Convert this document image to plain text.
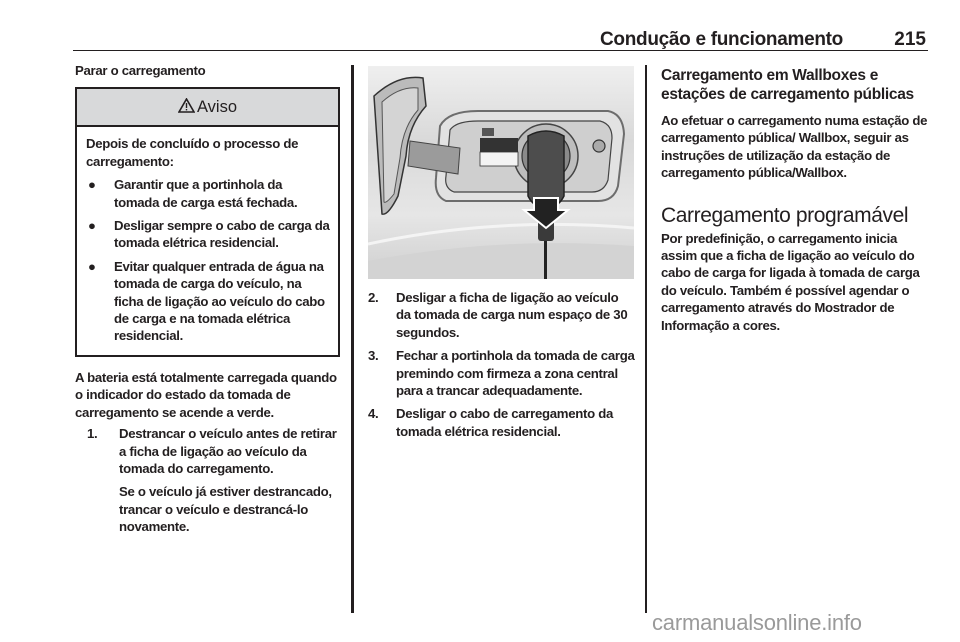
Condução e funcionamento	215
Parar o carregamento
Aviso

Depois de concluído o processo de carregamento:

● Garantir que a portinhola da tomada de carga está fechada.
● Desligar sempre o cabo de carga da tomada elétrica residencial.
● Evitar qualquer entrada de água na tomada de carga do veículo, na ficha de ligação ao veículo do cabo de carga e na tomada elétrica residencial.

A bateria está totalmente carregada quando o indicador do estado da tomada de carregamento se acende a verde.

1. Destrancar o veículo antes de retirar a ficha de ligação ao veículo da tomada do carregamento.
Se o veículo já estiver destrancado, trancar o veículo e destrancá-lo novamente.
2. Desligar a ficha de ligação ao veículo da tomada de carga num espaço de 30 segundos.
3. Fechar a portinhola da tomada de carga premindo com firmeza a zona central para a trancar adequadamente.
4. Desligar o cabo de carregamento da tomada elétrica residencial.
Carregamento em Wallboxes e estações de carregamento públicas

Ao efetuar o carregamento numa estação de carregamento pública/ Wallbox, seguir as instruções de utilização da estação de carregamento pública/Wallbox.

Carregamento programável

Por predefinição, o carregamento inicia assim que a ficha de ligação ao veículo do cabo de carga for ligada à tomada de carga do veículo. Também é possível agendar o carregamento através do Mostrador de Informação a cores.

carmanualsonline.info
